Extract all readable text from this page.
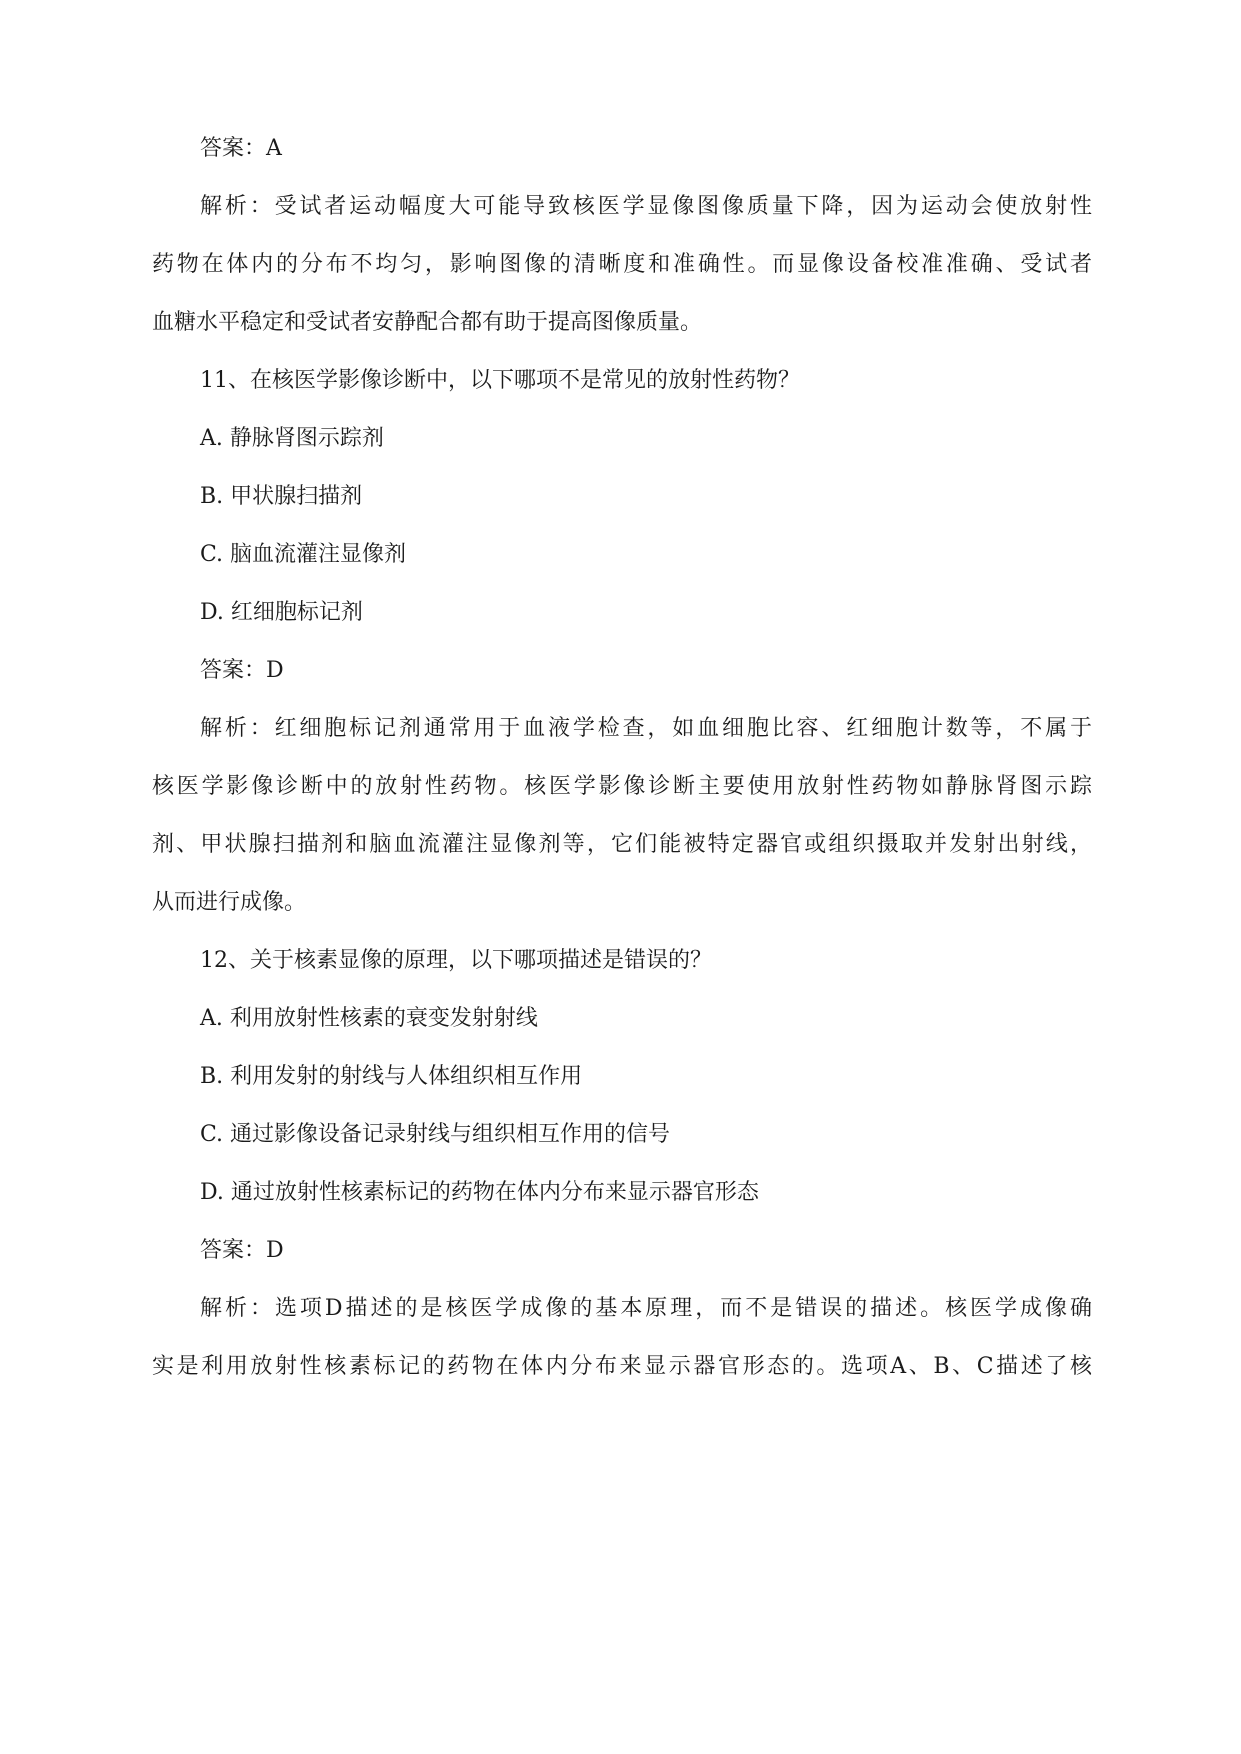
答案：A
解析：受试者运动幅度大可能导致核医学显像图像质量下降，因为运动会使放射性
药物在体内的分布不均匀，影响图像的清晰度和准确性。而显像设备校准准确、受试者
血糖水平稳定和受试者安静配合都有助于提高图像质量。
11、在核医学影像诊断中，以下哪项不是常见的放射性药物？
A. 静脉肾图示踪剂
B. 甲状腺扫描剂
C. 脑血流灌注显像剂
D. 红细胞标记剂
答案：D
解析：红细胞标记剂通常用于血液学检查，如血细胞比容、红细胞计数等，不属于
核医学影像诊断中的放射性药物。核医学影像诊断主要使用放射性药物如静脉肾图示踪
剂、甲状腺扫描剂和脑血流灌注显像剂等，它们能被特定器官或组织摄取并发射出射线，
从而进行成像。
12、关于核素显像的原理，以下哪项描述是错误的？
A. 利用放射性核素的衰变发射射线
B. 利用发射的射线与人体组织相互作用
C. 通过影像设备记录射线与组织相互作用的信号
D. 通过放射性核素标记的药物在体内分布来显示器官形态
答案：D
解析：选项D描述的是核医学成像的基本原理，而不是错误的描述。核医学成像确
实是利用放射性核素标记的药物在体内分布来显示器官形态的。选项A、B、C描述了核
